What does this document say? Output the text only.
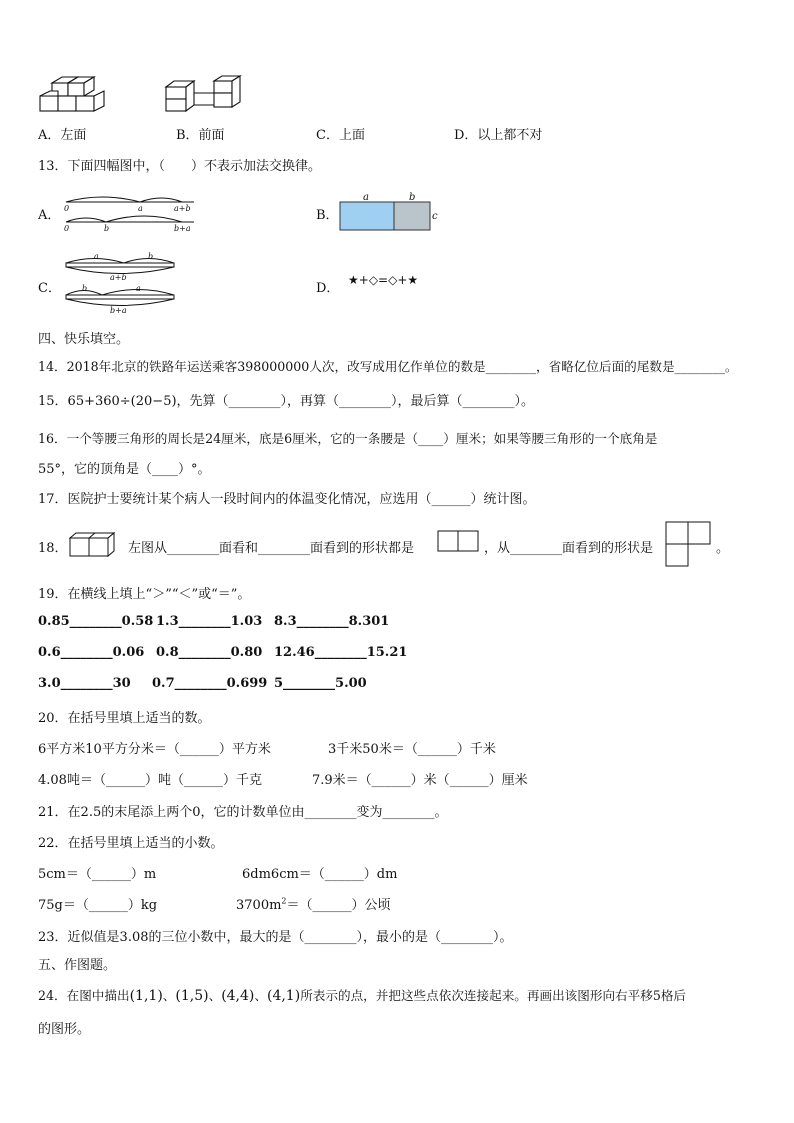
A．左面	B．前面	C．上面	D．以上都不对
13．下面四幅图中，（　　）不表示加法交换律。
A． 0	a	a+b
0	b	b+a
B．
a	b
c
C．
a	b
a+b
b	a
b+a
D．
★+◇=◇+★
四、快乐填空。
14．2018年北京的铁路年运送乘客398000000人次，改写成用亿作单位的数是________，省略亿位后面的尾数是________。
15．65+360÷(20−5)，先算（________），再算（________），最后算（________）。
16．一个等腰三角形的周长是24厘米，底是6厘米，它的一条腰是（____）厘米；如果等腰三角形的一个底角是
55°，它的顶角是（____）°。
17．医院护士要统计某个病人一段时间内的体温变化情况，应选用（______）统计图。
18．	左图从________面看和________面看到的形状都是	，从________面看到的形状是	。
19．在横线上填上“＞”“＜”或“＝”。
0.85________0.58 1.3________1.03 8.3________8.301
0.6________0.06 0.8________0.80 12.46________15.21
3.0________30 0.7________0.699 5________5.00
20．在括号里填上适当的数。
6平方米10平方分米＝（______）平方米	3千米50米＝（______）千米
4.08吨＝（______）吨（______）千克	7.9米＝（______）米（______）厘米
21．在2.5的末尾添上两个0，它的计数单位由________变为________。
22．在括号里填上适当的小数。
5cm＝（______）m	6dm6cm＝（______）dm
75g＝（______）kg	$3700m^2=(\_\_\_\_\_\_)$公顷
23．近似值是3.08的三位小数中，最大的是（________），最小的是（________）。
五、作图题。
24．在图中描出(1,1)、(1,5)、(4,4)、(4,1)所表示的点，并把这些点依次连接起来。再画出该图形向右平移5格后
的图形。
